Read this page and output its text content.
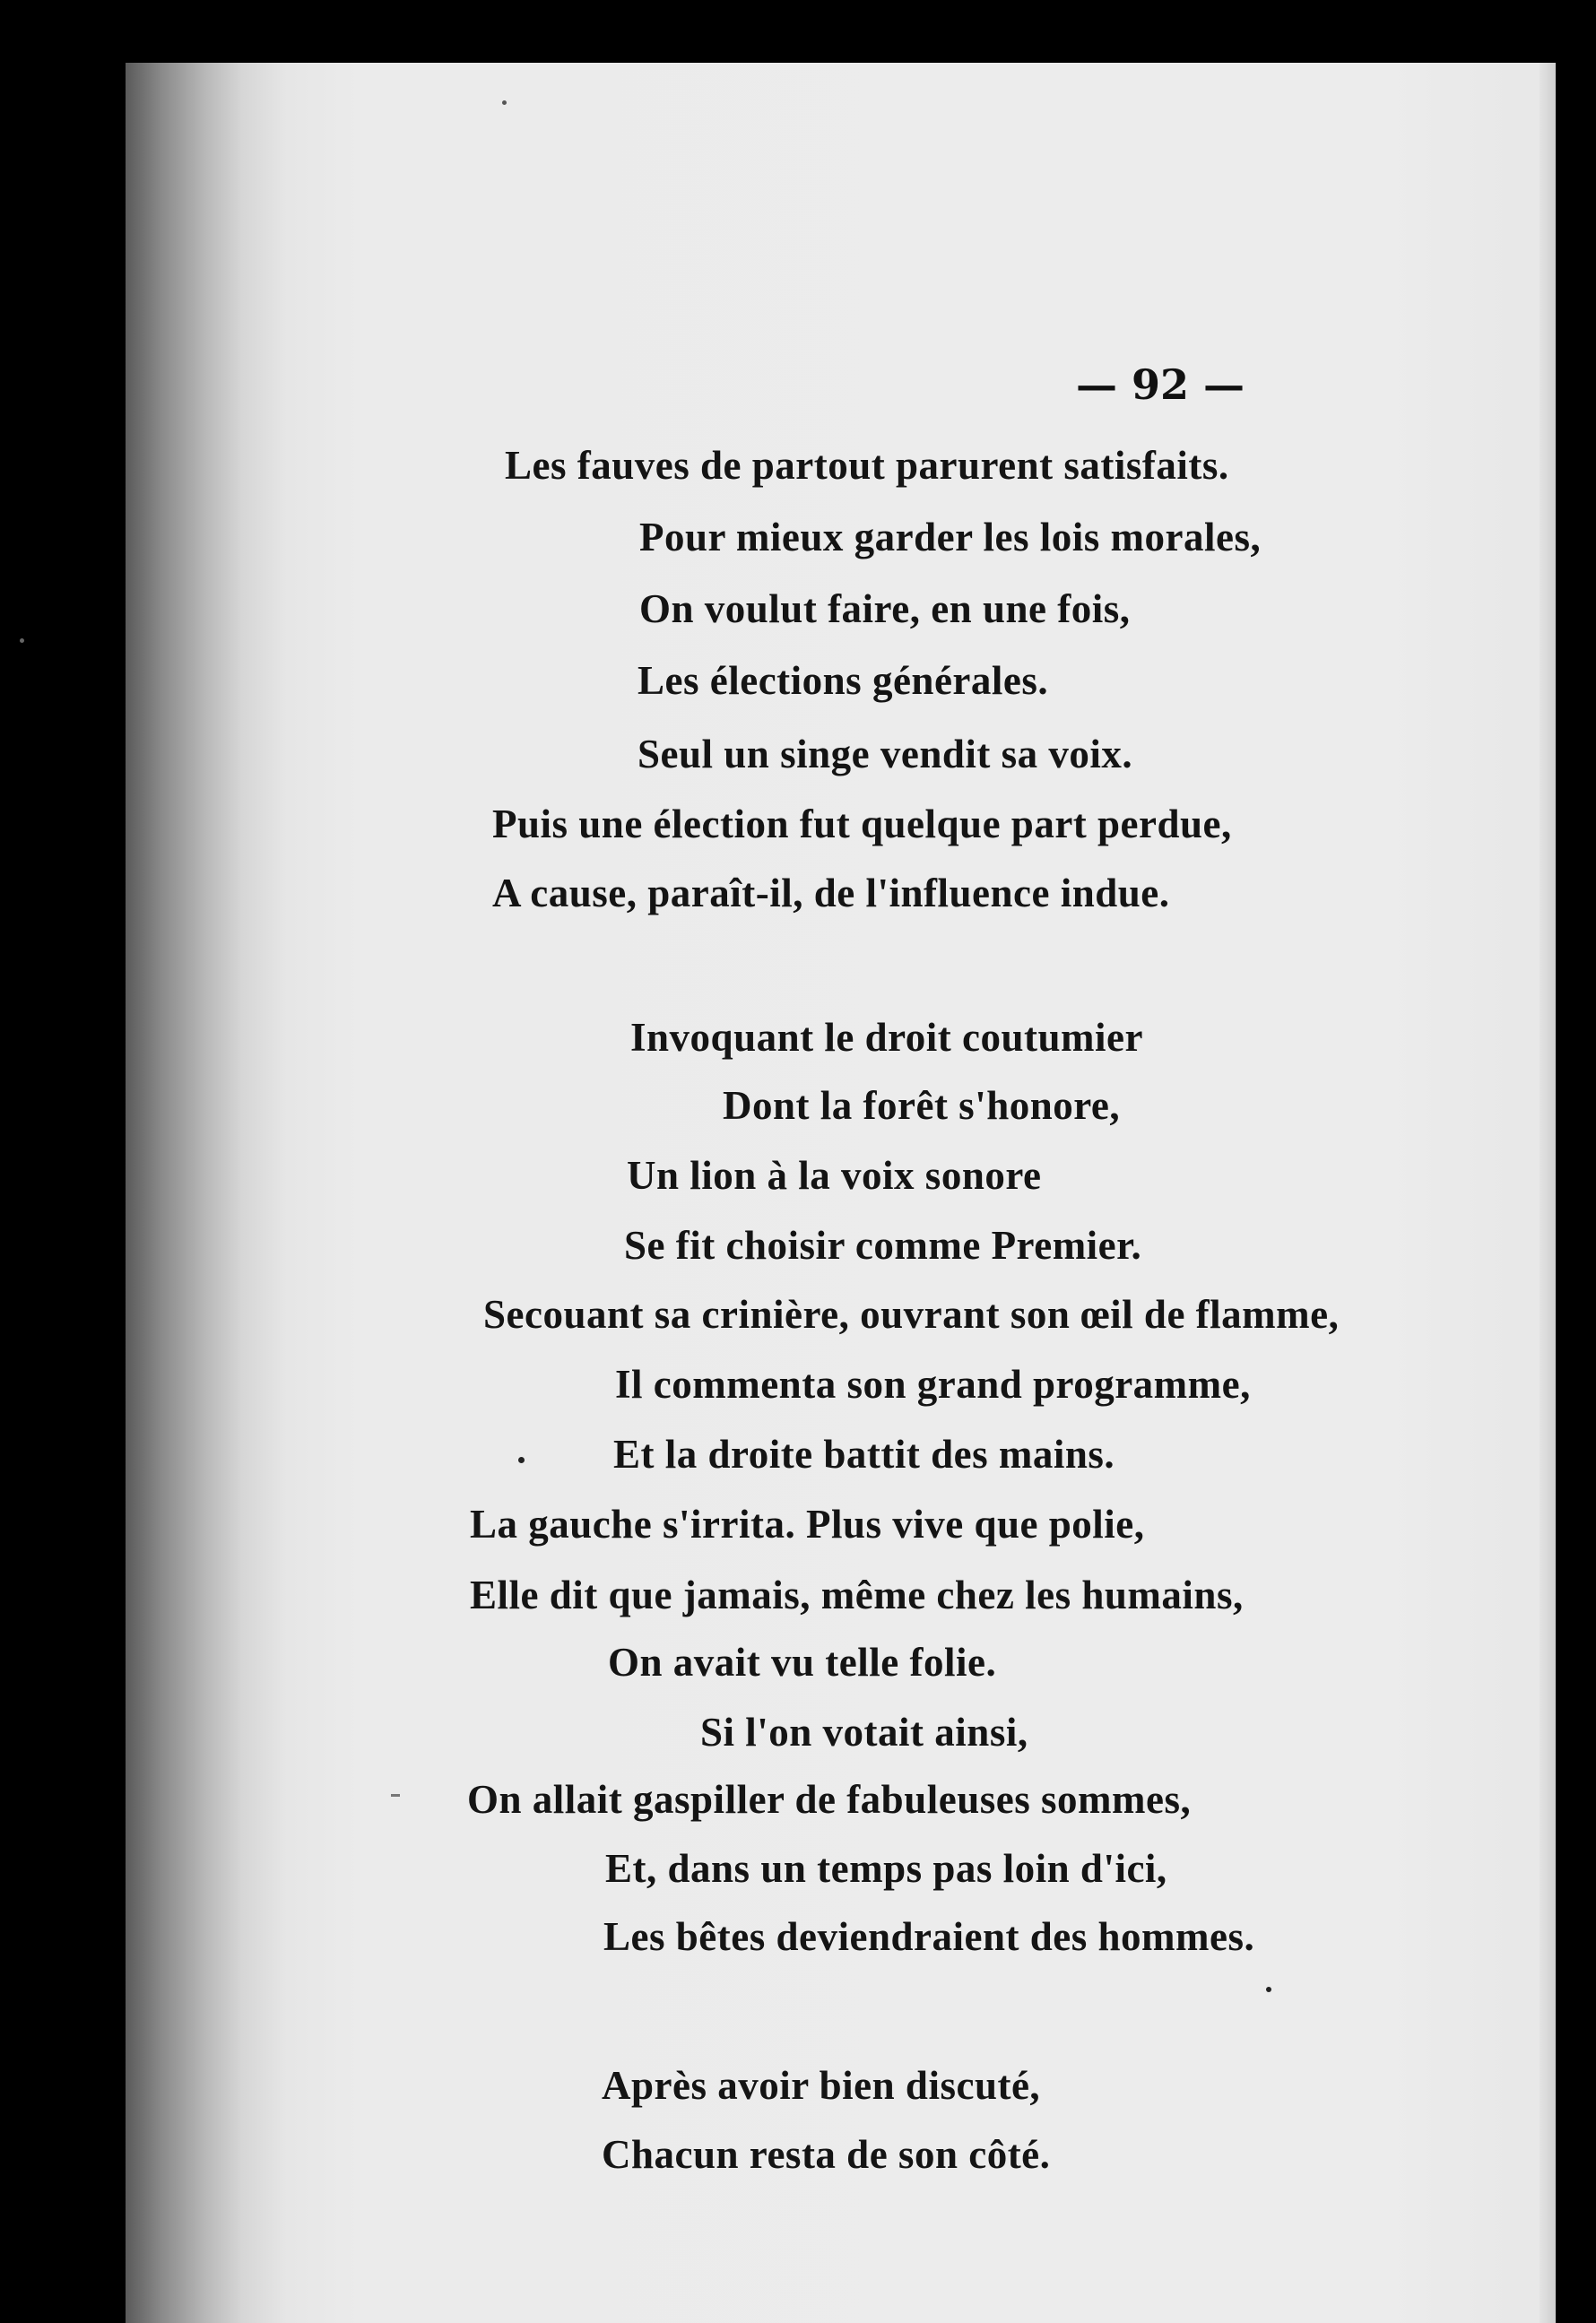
— 92 —
Les fauves de partout parurent satisfaits.
Pour mieux garder les lois morales,
On voulut faire, en une fois,
Les élections générales.
Seul un singe vendit sa voix.
Puis une élection fut quelque part perdue,
A cause, paraît-il, de l'influence indue.
Invoquant le droit coutumier
Dont la forêt s'honore,
Un lion à la voix sonore
Se fit choisir comme Premier.
Secouant sa crinière, ouvrant son œil de flamme,
Il commenta son grand programme,
Et la droite battit des mains.
La gauche s'irrita. Plus vive que polie,
Elle dit que jamais, même chez les humains,
On avait vu telle folie.
Si l'on votait ainsi,
On allait gaspiller de fabuleuses sommes,
Et, dans un temps pas loin d'ici,
Les bêtes deviendraient des hommes.
Après avoir bien discuté,
Chacun resta de son côté.
